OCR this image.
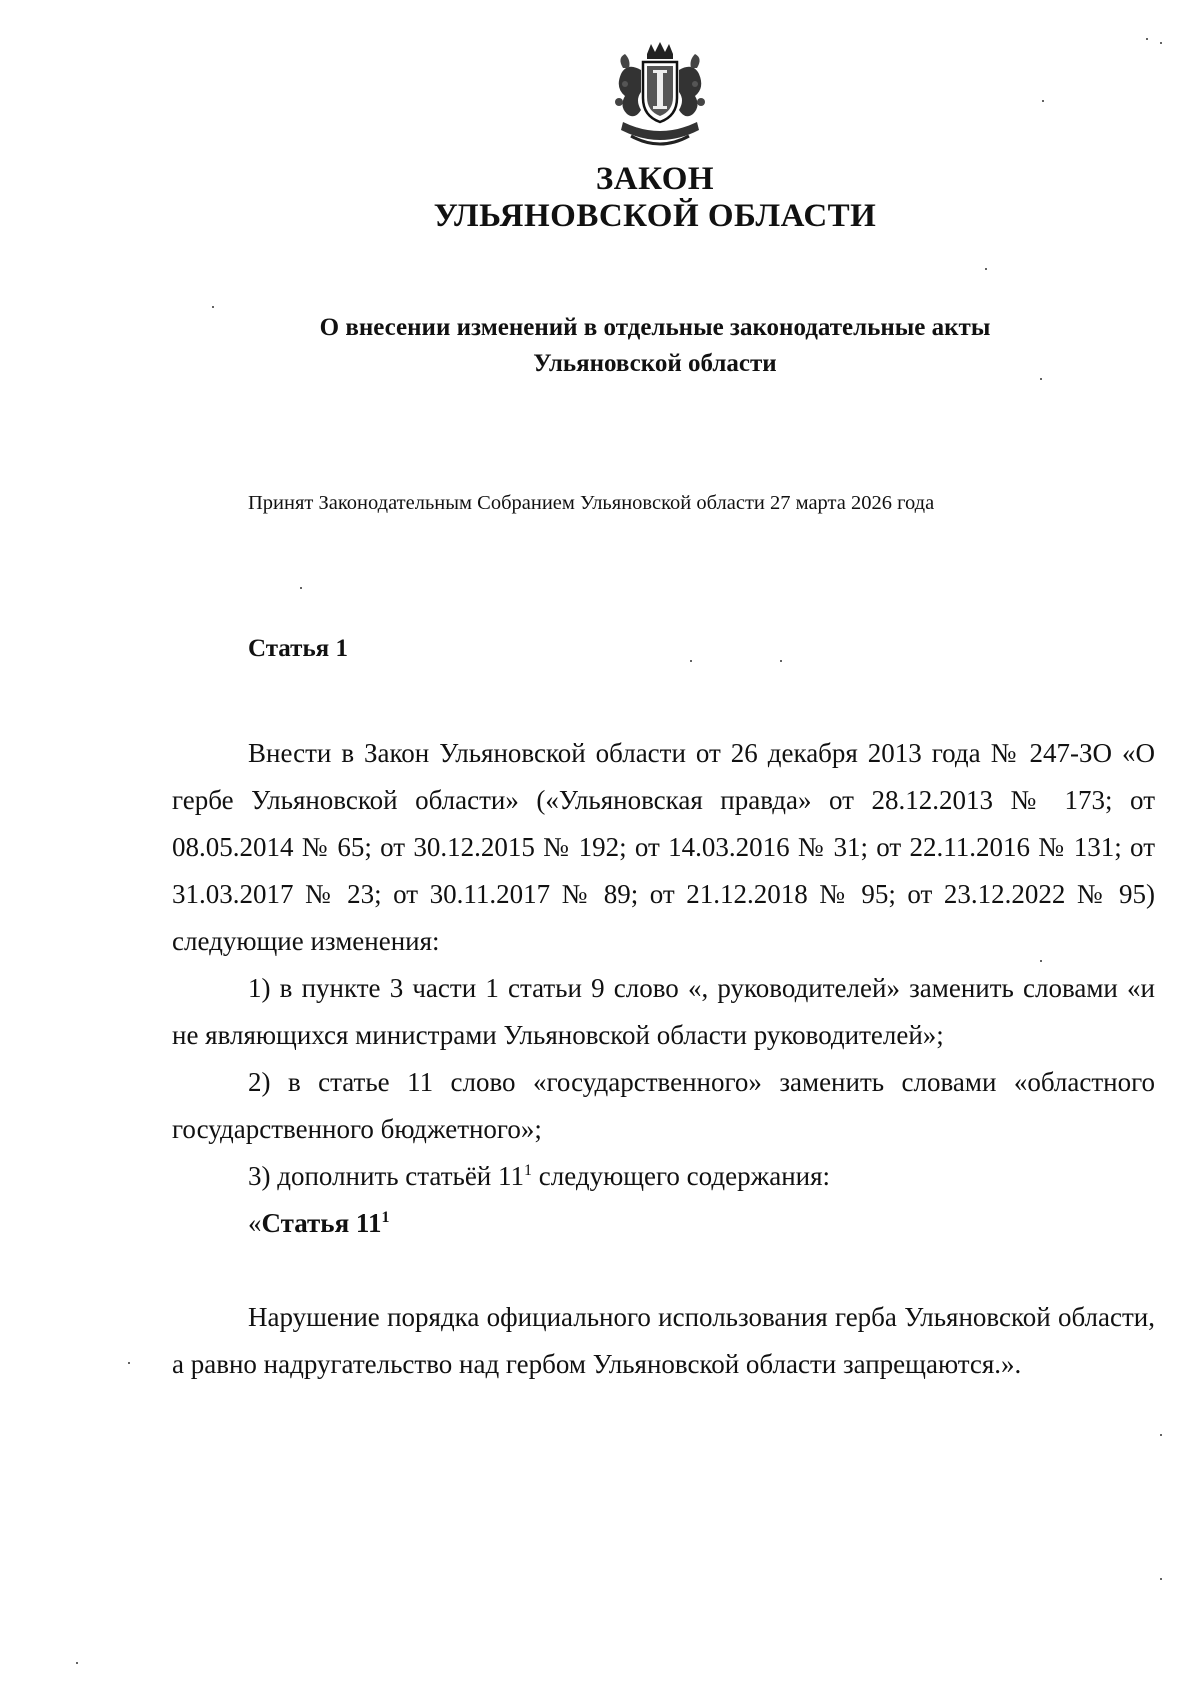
ЗАКОН
УЛЬЯНОВСКОЙ ОБЛАСТИ
О внесении изменений в отдельные законодательные акты
Ульяновской области
Принят Законодательным Собранием Ульяновской области 27 марта 2026 года
Статья 1

Внести в Закон Ульяновской области от 26 декабря 2013 года № 247-ЗО «О гербе Ульяновской области» («Ульяновская правда» от 28.12.2013 № 173; от 08.05.2014 № 65; от 30.12.2015 № 192; от 14.03.2016 № 31; от 22.11.2016 № 131; от 31.03.2017 № 23; от 30.11.2017 № 89; от 21.12.2018 № 95; от 23.12.2022 № 95) следующие изменения:

1) в пункте 3 части 1 статьи 9 слово «, руководителей» заменить словами «и не являющихся министрами Ульяновской области руководителей»;

2) в статье 11 слово «государственного» заменить словами «областного государственного бюджетного»;

3) дополнить статьёй $11^1$ следующего содержания:

«Статья $11^1$

Нарушение порядка официального использования герба Ульяновской области, а равно надругательство над гербом Ульяновской области запрещаются.».
